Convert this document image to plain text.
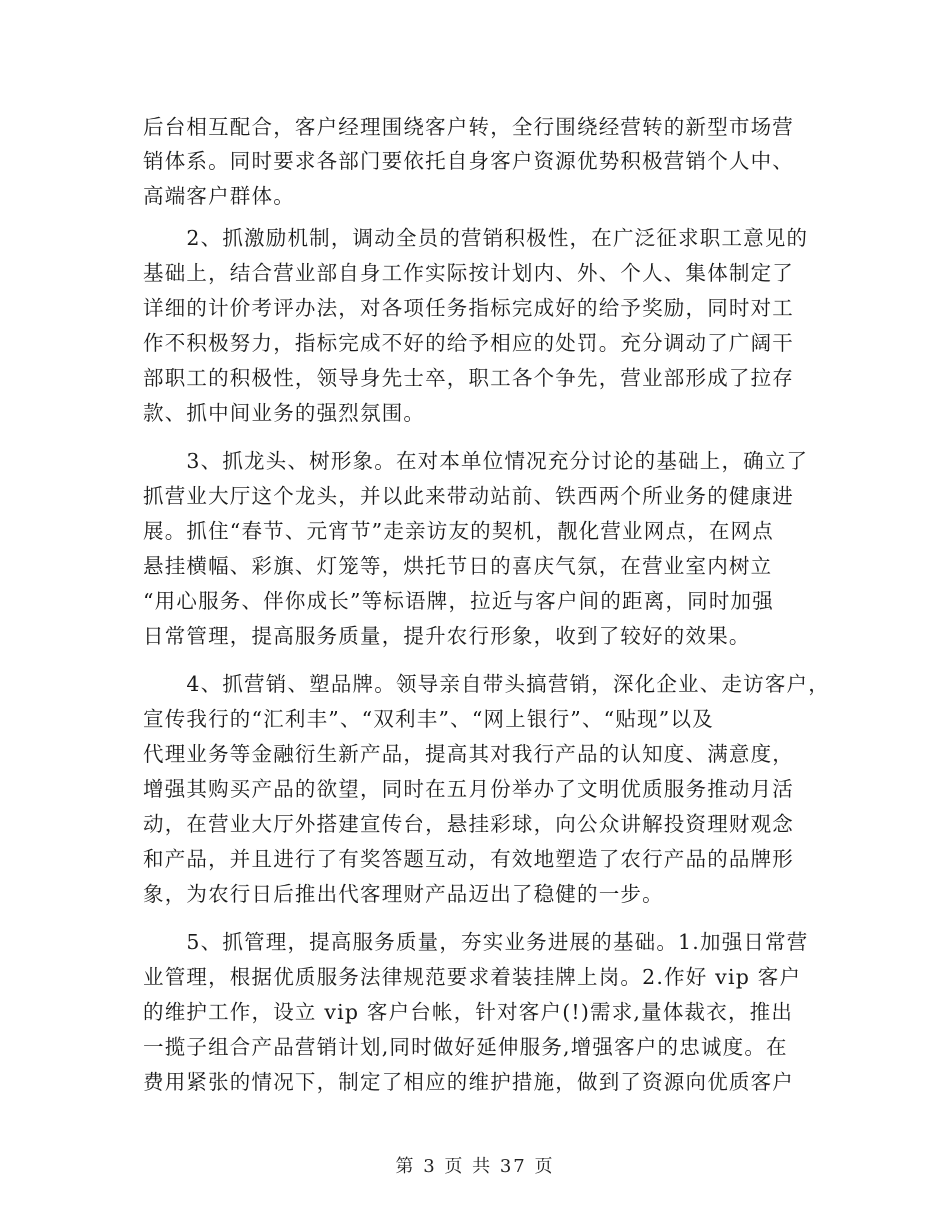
后台相互配合，客户经理围绕客户转，全行围绕经营转的新型市场营
销体系。同时要求各部门要依托自身客户资源优势积极营销个人中、
高端客户群体。
　　2、抓激励机制，调动全员的营销积极性，在广泛征求职工意见的
基础上，结合营业部自身工作实际按计划内、外、个人、集体制定了
详细的计价考评办法，对各项任务指标完成好的给予奖励，同时对工
作不积极努力，指标完成不好的给予相应的处罚。充分调动了广阔干
部职工的积极性，领导身先士卒，职工各个争先，营业部形成了拉存
款、抓中间业务的强烈氛围。
　　3、抓龙头、树形象。在对本单位情况充分讨论的基础上，确立了
抓营业大厅这个龙头，并以此来带动站前、铁西两个所业务的健康进
展。抓住“春节、元宵节”走亲访友的契机，靓化营业网点，在网点
悬挂横幅、彩旗、灯笼等，烘托节日的喜庆气氛，在营业室内树立
“用心服务、伴你成长”等标语牌，拉近与客户间的距离，同时加强
日常管理，提高服务质量，提升农行形象，收到了较好的效果。
　　4、抓营销、塑品牌。领导亲自带头搞营销，深化企业、走访客户，
宣传我行的“汇利丰”、“双利丰”、“网上银行”、“贴现”以及
代理业务等金融衍生新产品，提高其对我行产品的认知度、满意度，
增强其购买产品的欲望，同时在五月份举办了文明优质服务推动月活
动，在营业大厅外搭建宣传台，悬挂彩球，向公众讲解投资理财观念
和产品，并且进行了有奖答题互动，有效地塑造了农行产品的品牌形
象，为农行日后推出代客理财产品迈出了稳健的一步。
　　5、抓管理，提高服务质量，夯实业务进展的基础。1.加强日常营
业管理，根据优质服务法律规范要求着装挂牌上岗。2.作好 vip 客户
的维护工作，设立 vip 客户台帐，针对客户(!)需求,量体裁衣，推出
一揽子组合产品营销计划,同时做好延伸服务,增强客户的忠诚度。在
费用紧张的情况下，制定了相应的维护措施，做到了资源向优质客户
第 3 页 共 37 页
